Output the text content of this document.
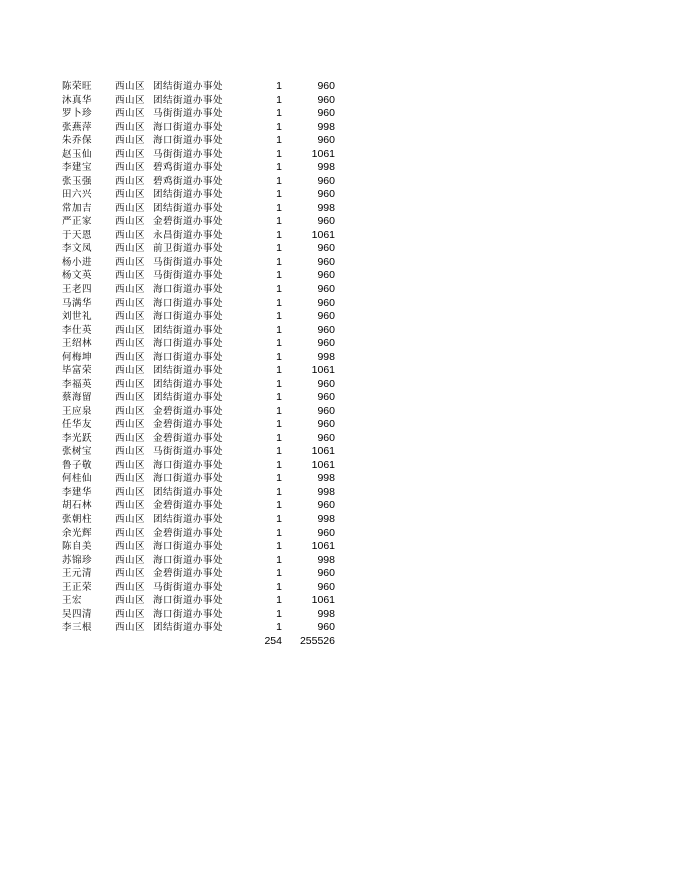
陈荣旺 西山区 团结街道办事处	1	960
沐真华 西山区 团结街道办事处	1	960
罗卜珍 西山区 马街街道办事处	1	960
张燕萍 西山区 海口街道办事处	1	998
朱乔保 西山区 海口街道办事处	1	960
赵玉仙 西山区 马街街道办事处	1	1061
李建宝 西山区 碧鸡街道办事处	1	998
张玉强 西山区 碧鸡街道办事处	1	960
田六兴 西山区 团结街道办事处	1	960
常加吉 西山区 团结街道办事处	1	998
严正家 西山区 金碧街道办事处	1	960
于天恩 西山区 永昌街道办事处	1	1061
李文凤 西山区 前卫街道办事处	1	960
杨小进 西山区 马街街道办事处	1	960
杨文英 西山区 马街街道办事处	1	960
王老四 西山区 海口街道办事处	1	960
马满华 西山区 海口街道办事处	1	960
刘世礼 西山区 海口街道办事处	1	960
李仕英 西山区 团结街道办事处	1	960
王绍林 西山区 海口街道办事处	1	960
何梅坤 西山区 海口街道办事处	1	998
毕富荣 西山区 团结街道办事处	1	1061
李福英 西山区 团结街道办事处	1	960
蔡海留 西山区 团结街道办事处	1	960
王应泉 西山区 金碧街道办事处	1	960
任华友 西山区 金碧街道办事处	1	960
李光跃 西山区 金碧街道办事处	1	960
张树宝 西山区 马街街道办事处	1	1061
鲁子敬 西山区 海口街道办事处	1	1061
何桂仙 西山区 海口街道办事处	1	998
李建华 西山区 团结街道办事处	1	998
胡石林 西山区 金碧街道办事处	1	960
张朝柱 西山区 团结街道办事处	1	998
余光辉 西山区 金碧街道办事处	1	960
陈自美 西山区 海口街道办事处	1	1061
苏锦珍 西山区 海口街道办事处	1	998
王元清 西山区 金碧街道办事处	1	960
王正荣 西山区 马街街道办事处	1	960
王宏	西山区 海口街道办事处	1	1061
吴四清 西山区 海口街道办事处	1	998
李三根 西山区 团结街道办事处	1	960
254	255526
